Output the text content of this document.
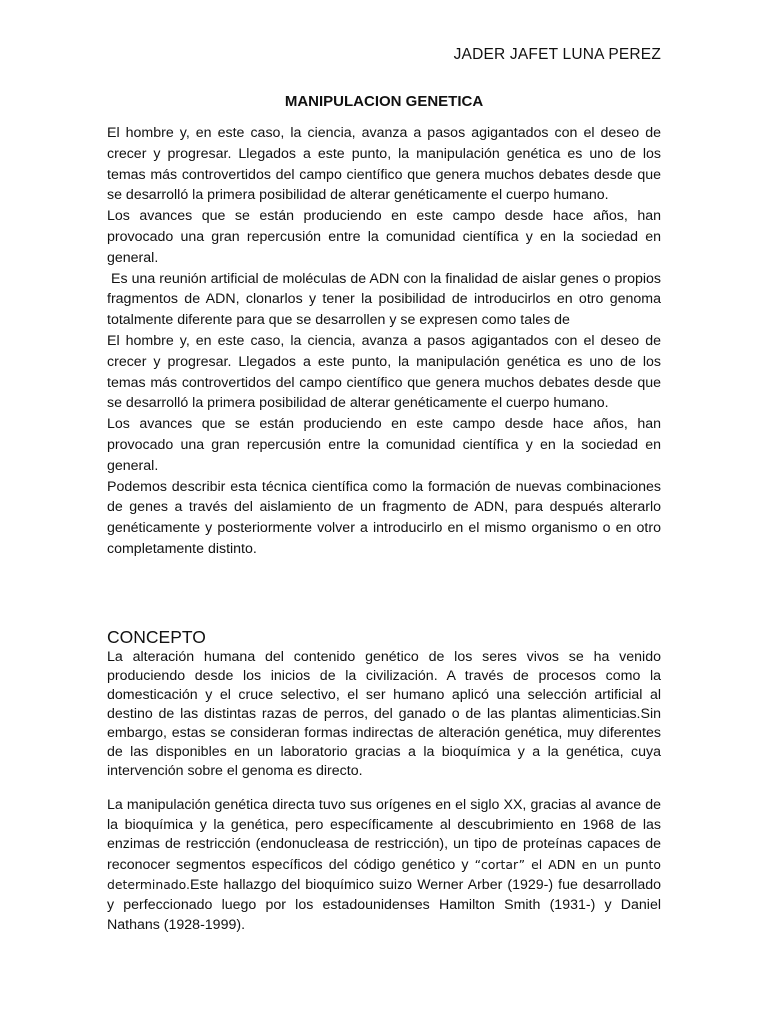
JADER JAFET LUNA PEREZ
MANIPULACION GENETICA

El hombre y, en este caso, la ciencia, avanza a pasos agigantados con el deseo de crecer y progresar. Llegados a este punto, la manipulación genética es uno de los temas más controvertidos del campo científico que genera muchos debates desde que se desarrolló la primera posibilidad de alterar genéticamente el cuerpo humano.

Los avances que se están produciendo en este campo desde hace años, han provocado una gran repercusión entre la comunidad científica y en la sociedad en general.

Es una reunión artificial de moléculas de ADN con la finalidad de aislar genes o propios fragmentos de ADN, clonarlos y tener la posibilidad de introducirlos en otro genoma totalmente diferente para que se desarrollen y se expresen como tales de

El hombre y, en este caso, la ciencia, avanza a pasos agigantados con el deseo de crecer y progresar. Llegados a este punto, la manipulación genética es uno de los temas más controvertidos del campo científico que genera muchos debates desde que se desarrolló la primera posibilidad de alterar genéticamente el cuerpo humano.

Los avances que se están produciendo en este campo desde hace años, han provocado una gran repercusión entre la comunidad científica y en la sociedad en general.

Podemos describir esta técnica científica como la formación de nuevas combinaciones de genes a través del aislamiento de un fragmento de ADN, para después alterarlo genéticamente y posteriormente volver a introducirlo en el mismo organismo o en otro completamente distinto.

CONCEPTO

La alteración humana del contenido genético de los seres vivos se ha venido produciendo desde los inicios de la civilización. A través de procesos como la domesticación y el cruce selectivo, el ser humano aplicó una selección artificial al destino de las distintas razas de perros, del ganado o de las plantas alimenticias.Sin embargo, estas se consideran formas indirectas de alteración genética, muy diferentes de las disponibles en un laboratorio gracias a la bioquímica y a la genética, cuya intervención sobre el genoma es directo.

La manipulación genética directa tuvo sus orígenes en el siglo XX, gracias al avance de la bioquímica y la genética, pero específicamente al descubrimiento en 1968 de las enzimas de restricción (endonucleasa de restricción), un tipo de proteínas capaces de reconocer segmentos específicos del código genético y “cortar” el ADN en un punto determinado.Este hallazgo del bioquímico suizo Werner Arber (1929-) fue desarrollado y perfeccionado luego por los estadounidenses Hamilton Smith (1931-) y Daniel Nathans (1928-1999).
